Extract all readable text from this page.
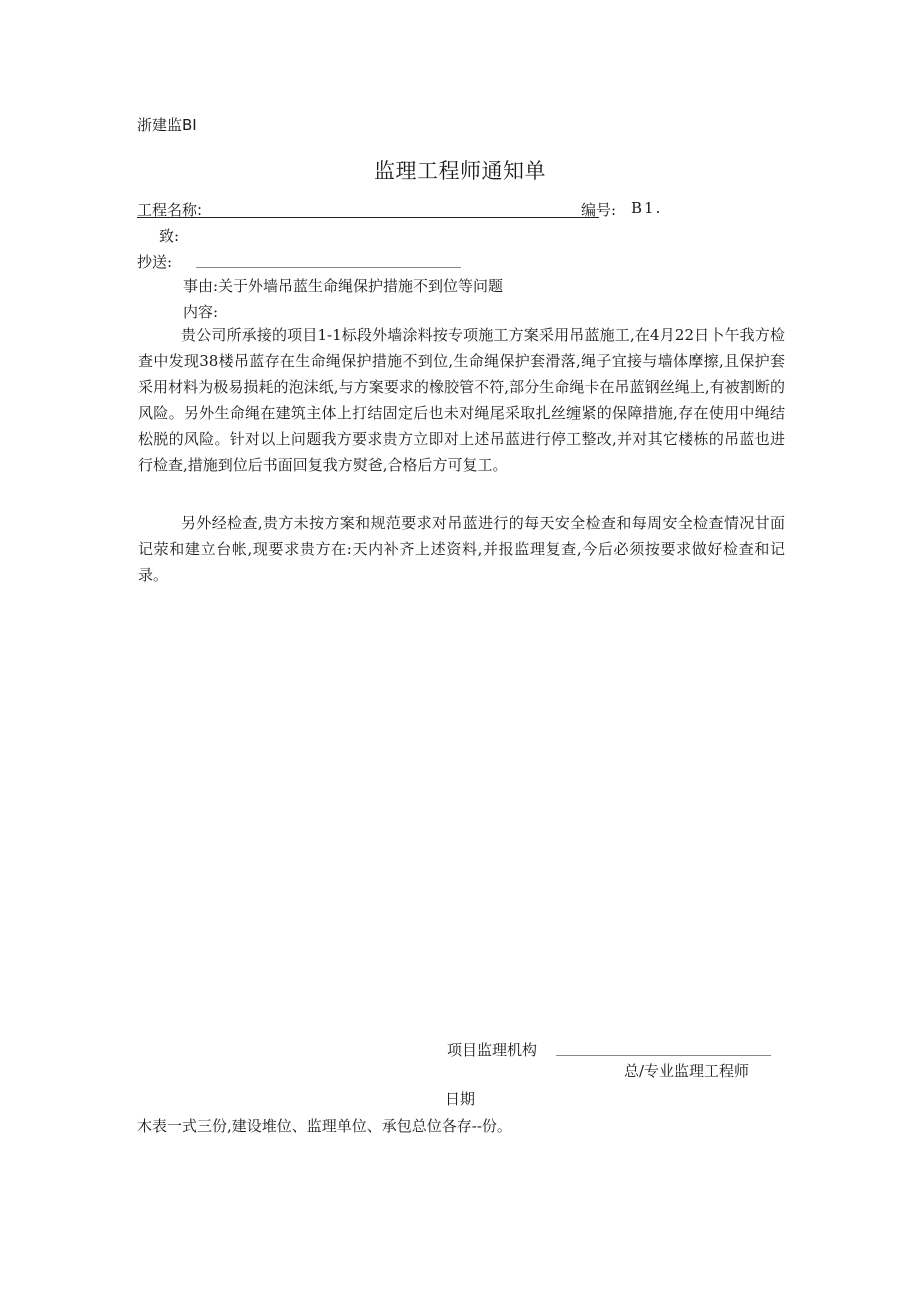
浙建监BI
监理工程师通知单
工程名称:	编号: B1.
致:
抄送:
事由:关于外墙吊蓝生命绳保护措施不到位等问题
内容:

贵公司所承接的项目1-1标段外墙涂料按专项施工方案采用吊蓝施工,在4月22日卜午我方检查中发现38楼吊蓝存在生命绳保护措施不到位,生命绳保护套滑落,绳子宜接与墙体摩擦,且保护套采用材料为极易损耗的泡沫纸,与方案要求的橡胶管不符,部分生命绳卡在吊蓝钢丝绳上,有被割断的风险。另外生命绳在建筑主体上打结固定后也未对绳尾采取扎丝缠紧的保障措施,存在使用中绳结松脱的风险。针对以上问题我方要求贵方立即对上述吊蓝进行停工整改,并对其它楼栋的吊蓝也进行检查,措施到位后书面回复我方熨爸,合格后方可复工。

另外经检查,贵方未按方案和规范要求对吊蓝进行的每天安全检查和每周安全检查情况甘面记荥和建立台帐,现要求贵方在:天内补齐上述资料,并报监理复查,今后必须按要求做好检查和记录。

项目监理机构
总/专业监理工程师
日期
木表一式三份,建设堆位、监理单位、承包总位各存--份。
